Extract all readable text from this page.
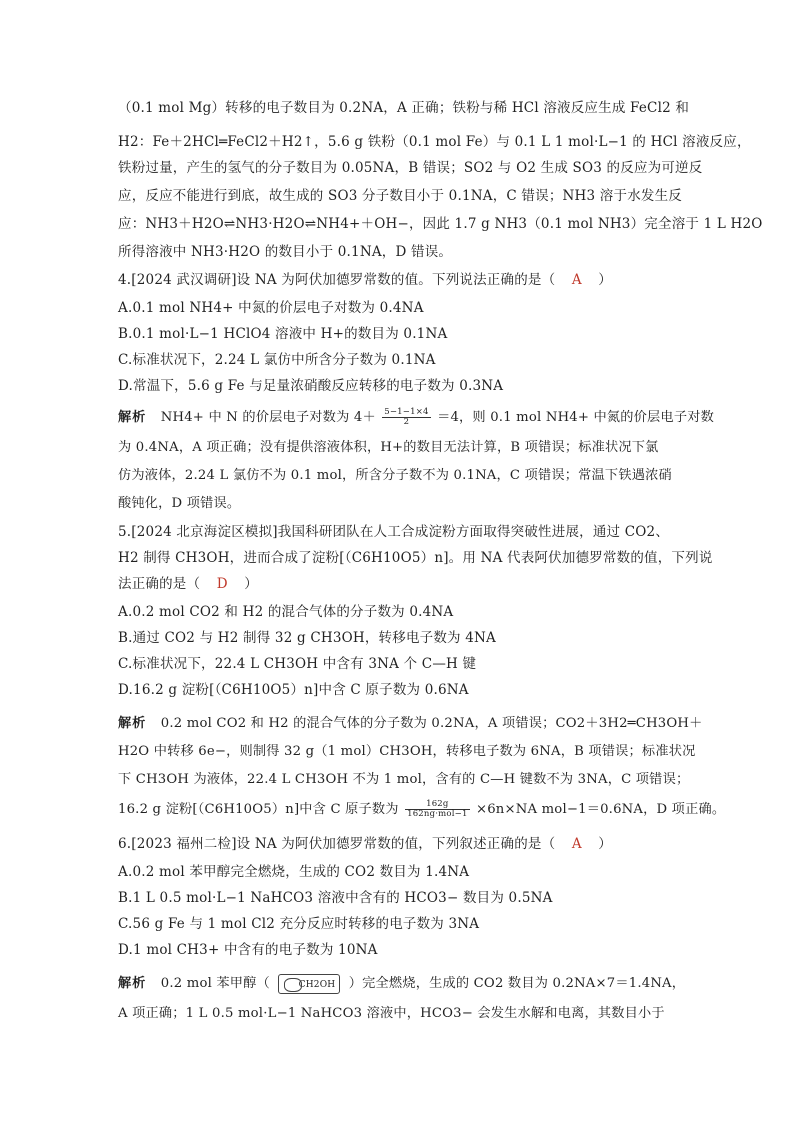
（0.1 mol Mg）转移的电子数目为 0.2NA，A 正确；铁粉与稀 HCl 溶液反应生成 FeCl2 和
H2：Fe＋2HCl═FeCl2＋H2↑，5.6 g 铁粉（0.1 mol Fe）与 0.1 L 1 mol·L−1 的 HCl 溶液反应，
铁粉过量，产生的氢气的分子数目为 0.05NA，B 错误；SO2 与 O2 生成 SO3 的反应为可逆反
应，反应不能进行到底，故生成的 SO3 分子数目小于 0.1NA，C 错误；NH3 溶于水发生反
应：NH3＋H2O⇌NH3·H2O⇌NH4+＋OH−，因此 1.7 g NH3（0.1 mol NH3）完全溶于 1 L H2O
所得溶液中 NH3·H2O 的数目小于 0.1NA，D 错误。
4.[2024 武汉调研]设 NA 为阿伏加德罗常数的值。下列说法正确的是（ A ）
A.0.1 mol NH4+ 中氮的价层电子对数为 0.4NA
B.0.1 mol·L−1 HClO4 溶液中 H+的数目为 0.1NA
C.标准状况下，2.24 L 氯仿中所含分子数为 0.1NA
D.常温下，5.6 g Fe 与足量浓硝酸反应转移的电子数为 0.3NA
解析 NH4+ 中 N 的价层电子对数为 $4+ \frac{5-1-1\times 4}{2} =4$，则 0.1 mol NH4+ 中氮的价层电子对数
为 0.4NA，A 项正确；没有提供溶液体积，H+的数目无法计算，B 项错误；标准状况下氯
仿为液体，2.24 L 氯仿不为 0.1 mol，所含分子数不为 0.1NA，C 项错误；常温下铁遇浓硝
酸钝化，D 项错误。
5.[2024 北京海淀区模拟]我国科研团队在人工合成淀粉方面取得突破性进展，通过 CO2、
H2 制得 CH3OH，进而合成了淀粉[（C6H10O5）n]。用 NA 代表阿伏加德罗常数的值，下列说
法正确的是（ D ）
A.0.2 mol CO2 和 H2 的混合气体的分子数为 0.4NA
B.通过 CO2 与 H2 制得 32 g CH3OH，转移电子数为 4NA
C.标准状况下，22.4 L CH3OH 中含有 3NA 个 C—H 键
D.16.2 g 淀粉[（C6H10O5）n]中含 C 原子数为 0.6NA
解析 0.2 mol CO2 和 H2 的混合气体的分子数为 0.2NA，A 项错误；CO2＋3H2═CH3OH＋
H2O 中转移 6e−，则制得 32 g（1 mol）CH3OH，转移电子数为 6NA，B 项错误；标准状况
下 CH3OH 为液体，22.4 L CH3OH 不为 1 mol，含有的 C—H 键数不为 3NA，C 项错误；
16.2 g 淀粉[（C6H10O5）n]中含 C 原子数为 $\frac{162g}{\text{162ng·mol−1}} \times 6n\times NA$ mol−1＝0.6NA，D 项正确。
6.[2023 福州二检]设 NA 为阿伏加德罗常数的值，下列叙述正确的是（ A ）
A.0.2 mol 苯甲醇完全燃烧，生成的 CO2 数目为 1.4NA
B.1 L 0.5 mol·L−1 NaHCO3 溶液中含有的 HCO3− 数目为 0.5NA
C.56 g Fe 与 1 mol Cl2 充分反应时转移的电子数为 3NA
D.1 mol CH3+ 中含有的电子数为 10NA
解析 0.2 mol 苯甲醇（	CH2OH ）完全燃烧，生成的 CO2 数目为 0.2NA×7＝1.4NA，
A 项正确；1 L 0.5 mol·L−1 NaHCO3 溶液中，HCO3− 会发生水解和电离，其数目小于
